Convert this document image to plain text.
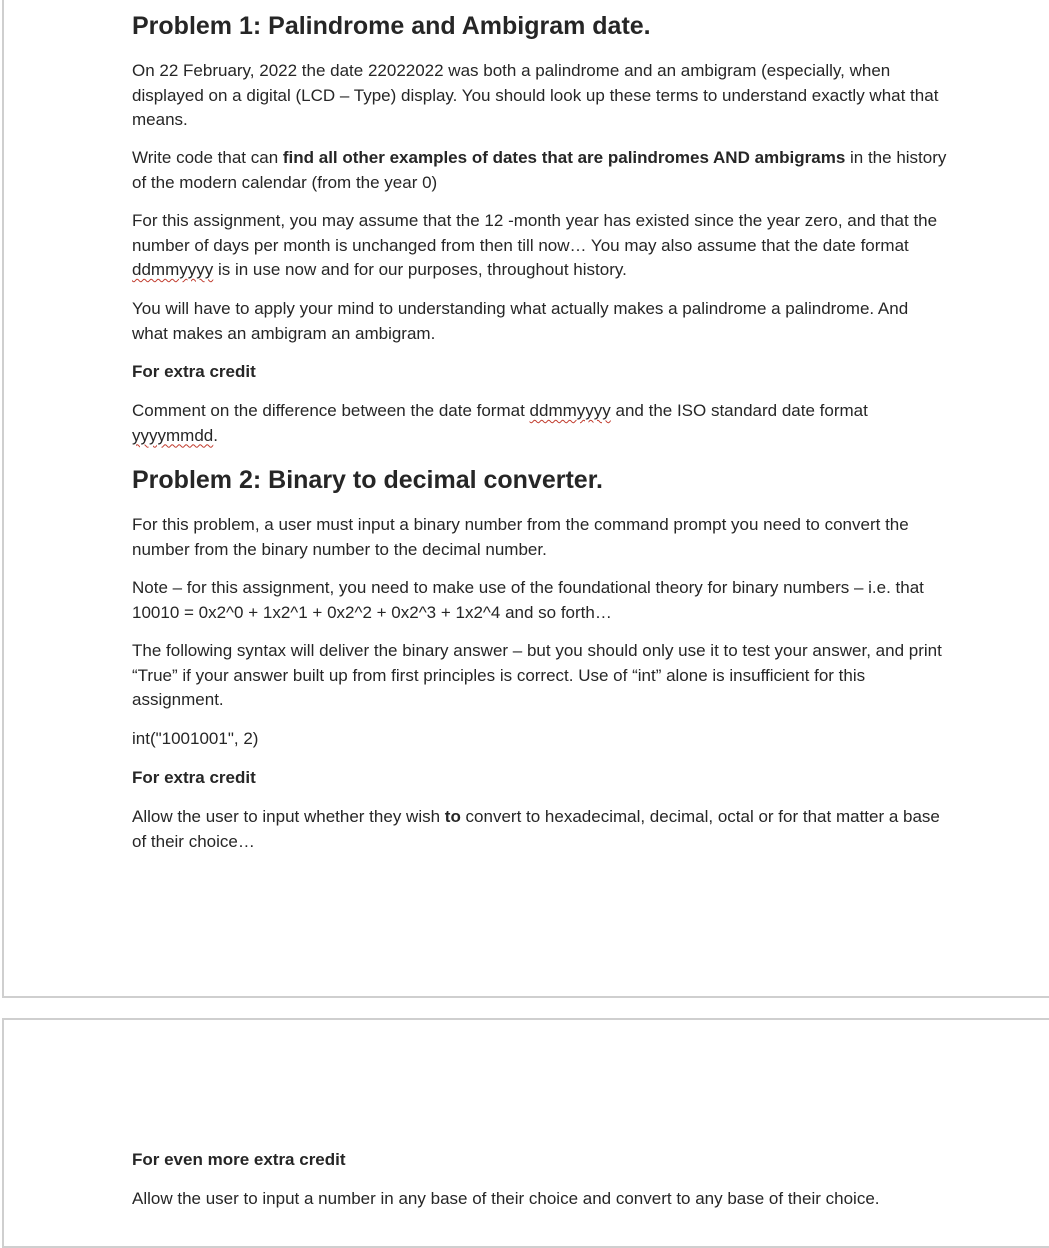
Problem 1: Palindrome and Ambigram date.

On 22 February, 2022 the date 22022022 was both a palindrome and an ambigram (especially, when displayed on a digital (LCD – Type) display. You should look up these terms to understand exactly what that means.

Write code that can find all other examples of dates that are palindromes AND ambigrams in the history of the modern calendar (from the year 0)

For this assignment, you may assume that the 12 -month year has existed since the year zero, and that the number of days per month is unchanged from then till now… You may also assume that the date format ddmmyyyy is in use now and for our purposes, throughout history.

You will have to apply your mind to understanding what actually makes a palindrome a palindrome. And what makes an ambigram an ambigram.

For extra credit

Comment on the difference between the date format ddmmyyyy and the ISO standard date format yyyymmdd.

Problem 2: Binary to decimal converter.

For this problem, a user must input a binary number from the command prompt you need to convert the number from the binary number to the decimal number.

Note – for this assignment, you need to make use of the foundational theory for binary numbers – i.e. that 10010 = 0x2^0 + 1x2^1 + 0x2^2 + 0x2^3 + 1x2^4 and so forth…

The following syntax will deliver the binary answer – but you should only use it to test your answer, and print “True” if your answer built up from first principles is correct. Use of “int” alone is insufficient for this assignment.

int("1001001", 2)

For extra credit

Allow the user to input whether they wish to convert to hexadecimal, decimal, octal or for that matter a base of their choice…

For even more extra credit

Allow the user to input a number in any base of their choice and convert to any base of their choice.
